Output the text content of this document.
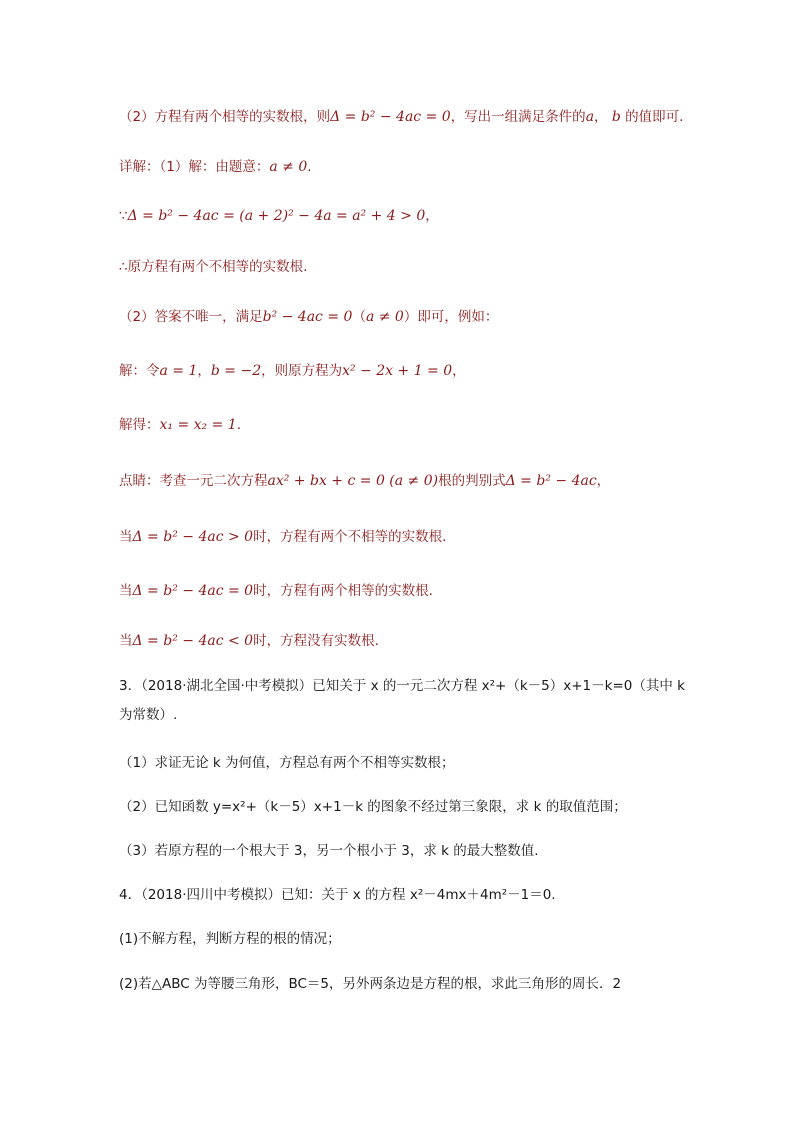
（2）方程有两个相等的实数根，则Δ = b² − 4ac = 0，写出一组满足条件的a， b 的值即可.
详解：（1）解：由题意：a ≠ 0.
∵Δ = b² − 4ac = (a + 2)² − 4a = a² + 4 > 0，
∴原方程有两个不相等的实数根.
（2）答案不唯一，满足b² − 4ac = 0（a ≠ 0）即可，例如：
解：令a = 1，b = −2，则原方程为x² − 2x + 1 = 0，
解得：x₁ = x₂ = 1.
点睛：考查一元二次方程ax² + bx + c = 0 (a ≠ 0)根的判别式Δ = b² − 4ac，
当Δ = b² − 4ac > 0时，方程有两个不相等的实数根.
当Δ = b² − 4ac = 0时，方程有两个相等的实数根.
当Δ = b² − 4ac < 0时，方程没有实数根.
3．（2018·湖北全国·中考模拟）已知关于 x 的一元二次方程 x²+（k－5）x+1－k=0（其中 k
为常数）.
（1）求证无论 k 为何值，方程总有两个不相等实数根；
（2）已知函数 y=x²+（k－5）x+1－k 的图象不经过第三象限，求 k 的取值范围；
（3）若原方程的一个根大于 3，另一个根小于 3，求 k 的最大整数值.
4．（2018·四川中考模拟）已知：关于 x 的方程 x²－4mx＋4m²－1＝0.
(1)不解方程，判断方程的根的情况；
(2)若△ABC 为等腰三角形，BC＝5，另外两条边是方程的根，求此三角形的周长．2
